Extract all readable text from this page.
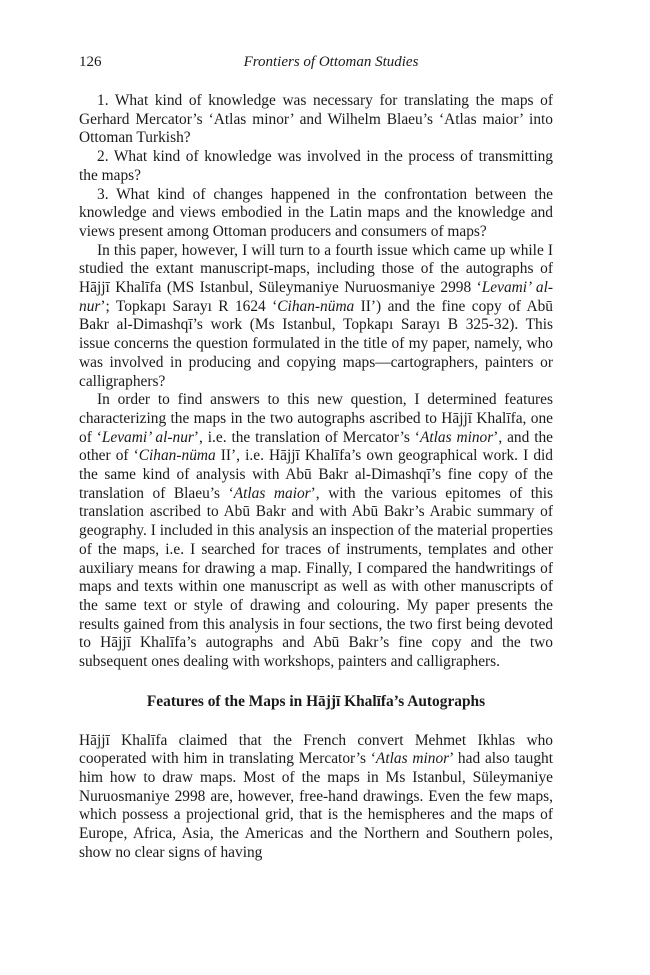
126	Frontiers of Ottoman Studies

1. What kind of knowledge was necessary for translating the maps of Gerhard Mercator’s ‘Atlas minor’ and Wilhelm Blaeu’s ‘Atlas maior’ into Ottoman Turkish?

2. What kind of knowledge was involved in the process of transmitting the maps?

3. What kind of changes happened in the confrontation between the knowledge and views embodied in the Latin maps and the knowledge and views present among Ottoman producers and consumers of maps?

In this paper, however, I will turn to a fourth issue which came up while I studied the extant manuscript-maps, including those of the autographs of Hājjī Khalīfa (MS Istanbul, Süleymaniye Nuruosmaniye 2998 ‘Levami’ al-nur’; Topkapı Sarayı R 1624 ‘Cihan-nüma II’) and the fine copy of Abū Bakr al-Dimashqī’s work (Ms Istanbul, Topkapı Sarayı B 325-32). This issue concerns the question formulated in the title of my paper, namely, who was involved in producing and copying maps—cartographers, painters or calligraphers?

In order to find answers to this new question, I determined features characterizing the maps in the two autographs ascribed to Hājjī Khalīfa, one of ‘Levami’ al-nur’, i.e. the translation of Mercator’s ‘Atlas minor’, and the other of ‘Cihan-nüma II’, i.e. Hājjī Khalīfa’s own geographical work. I did the same kind of analysis with Abū Bakr al-Dimashqī’s fine copy of the translation of Blaeu’s ‘Atlas maior’, with the various epitomes of this translation ascribed to Abū Bakr and with Abū Bakr’s Arabic summary of geography. I included in this analysis an inspection of the material properties of the maps, i.e. I searched for traces of instruments, templates and other auxiliary means for drawing a map. Finally, I compared the handwritings of maps and texts within one manuscript as well as with other manuscripts of the same text or style of drawing and colouring. My paper presents the results gained from this analysis in four sections, the two first being devoted to Hājjī Khalīfa’s autographs and Abū Bakr’s fine copy and the two subsequent ones dealing with workshops, painters and calligraphers.

Features of the Maps in Hājjī Khalīfa’s Autographs

Hājjī Khalīfa claimed that the French convert Mehmet Ikhlas who cooperated with him in translating Mercator’s ‘Atlas minor’ had also taught him how to draw maps. Most of the maps in Ms Istanbul, Süleymaniye Nuruosmaniye 2998 are, however, free-hand drawings. Even the few maps, which possess a projectional grid, that is the hemispheres and the maps of Europe, Africa, Asia, the Americas and the Northern and Southern poles, show no clear signs of having
